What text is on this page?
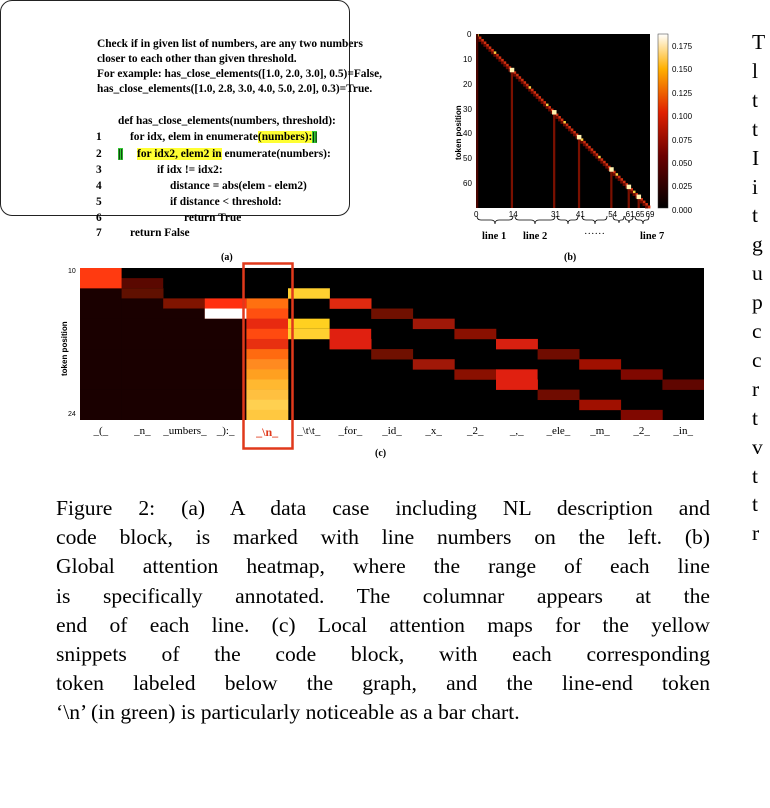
Check if in given list of numbers, are any two numbers
closer to each other than given threshold.
For example: has_close_elements([1.0, 2.0, 3.0], 0.5)=False,
has_close_elements([1.0, 2.8, 3.0, 4.0, 5.0, 2.0], 0.3)=True.
def has_close_elements(numbers, threshold):
1 for idx, elem in enumerate(numbers):||
2 || for idx2, elem2 in enumerate(numbers):
3	if idx != idx2:
4	distance = abs(elem - elem2)
5	if distance < threshold:
6	return True
7 return False
(a)
token position
0
10
20
30
40
50
60
0	14	31 41	54 61 65 69
0.175
0.150
0.125
0.100
0.075
0.050
0.025
0.000
line 1 line 2	······	line 7
(b)
token position
10
24
_(_	_n_	_umbers_ _):_	_\n_	_\t\t_	_for_	_id_	_x_	_2_	_,_	_ele_	_m_	_2_	_in_
(c)
Figure 2: (a) A data case including NL description and
code block, is marked with line numbers on the left. (b)
Global attention heatmap, where the range of each line
is specifically annotated. The columnar appears at the
end of each line. (c) Local attention maps for the yellow
snippets of the code block, with each corresponding
token labeled below the graph, and the line-end token
‘\n’ (in green) is particularly noticeable as a bar chart.
T
l
t
t
I
i
t
g
u
p
c
c
r
t
v
t
t
r
